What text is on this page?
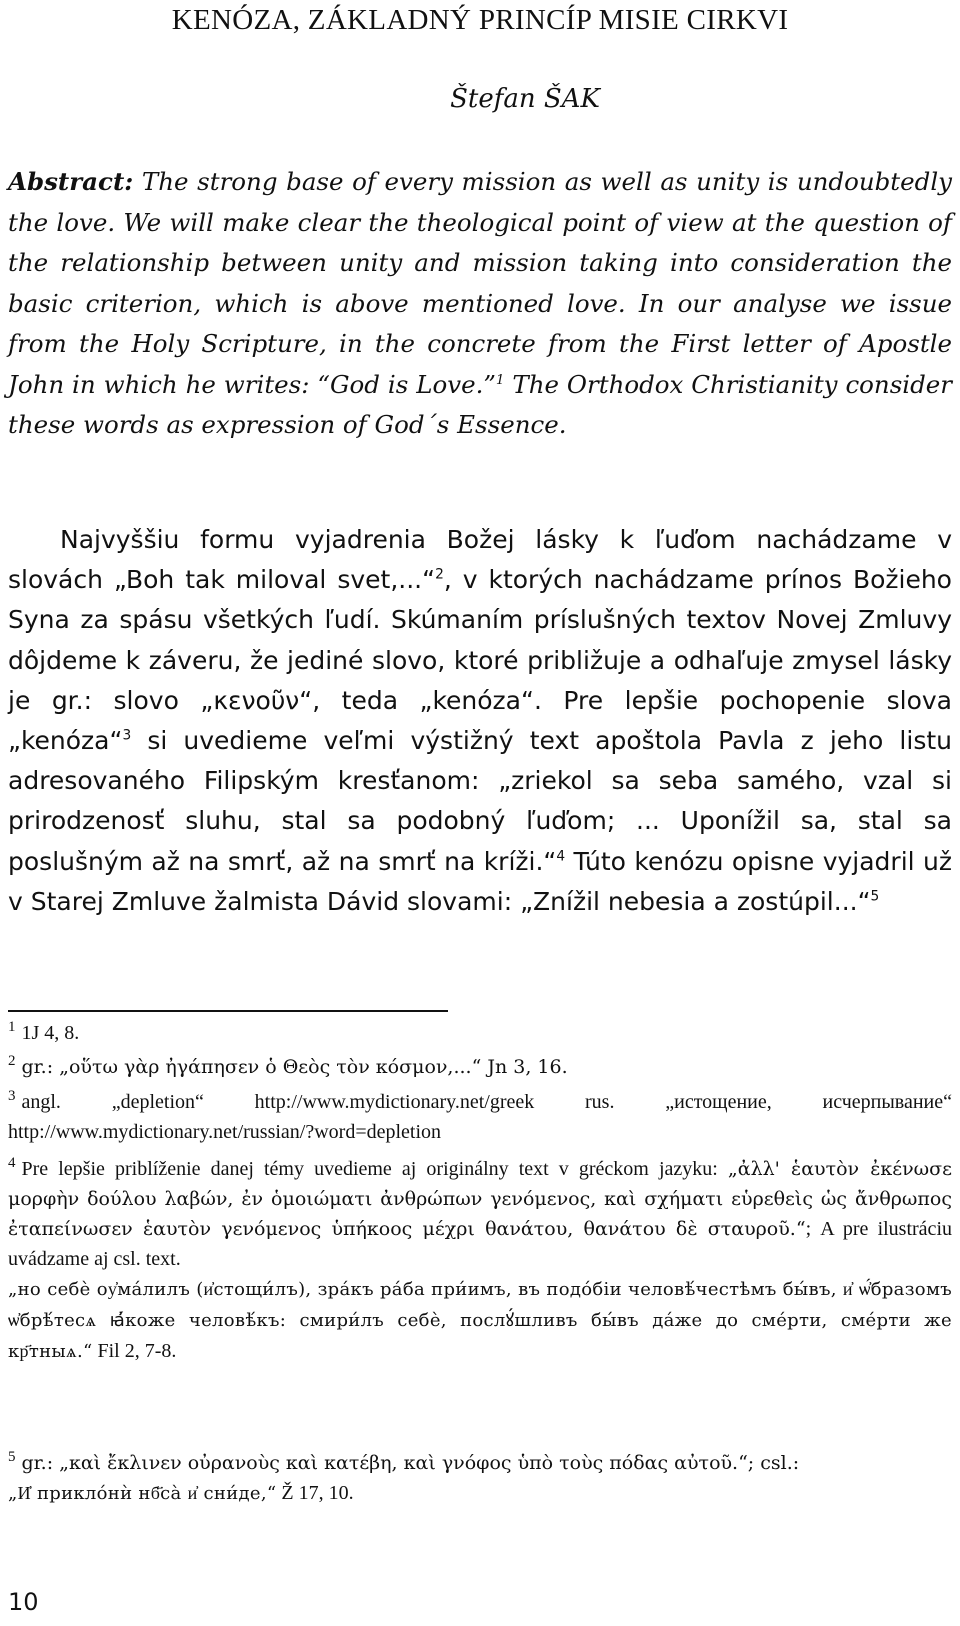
KENÓZA, ZÁKLADNÝ PRINCÍP MISIE CIRKVI
Štefan ŠAK
Abstract: The strong base of every mission as well as unity is undoubtedly the love. We will make clear the theological point of view at the question of the relationship between unity and mission taking into consideration the basic criterion, which is above mentioned love. In our analyse we issue from the Holy Scripture, in the concrete from the First letter of Apostle John in which he writes: “God is Love.”$^1$ The Orthodox Christianity consider these words as expression of God´s Essence.
Najvyššiu formu vyjadrenia Božej lásky k ľuďom nachádzame v slovách „Boh tak miloval svet,...“$^2$, v ktorých nachádzame prínos Božieho Syna za spásu všetkých ľudí. Skúmaním príslušných textov Novej Zmluvy dôjdeme k záveru, že jediné slovo, ktoré približuje a odhaľuje zmysel lásky je gr.: slovo „κενοῦν“, teda „kenóza“. Pre lepšie pochopenie slova „kenóza“$^3$ si uvedieme veľmi výstižný text apoštola Pavla z jeho listu adresovaného Filipským kresťanom: „zriekol sa seba samého, vzal si prirodzenosť sluhu, stal sa podobný ľuďom; ... Uponížil sa, stal sa poslušným až na smrť, až na smrť na kríži.“$^4$ Túto kenózu opisne vyjadril už v Starej Zmluve žalmista Dávid slovami: „Znížil nebesia a zostúpil...“$^5$
$^1$ 1J 4, 8.
$^2$ gr.: „οὕτω γὰρ ἠγάπησεν ὁ Θεὸς τὸν κόσμον,...“ Jn 3, 16.
$^3$ angl. „depletion“ http://www.mydictionary.net/greek rus. „истощение, исчерпывание“ http://www.mydictionary.net/russian/?word=depletion
$^4$ Pre lepšie priblíženie danej témy uvedieme aj originálny text v gréckom jazyku: „ἀλλ' ἑαυτὸν ἐκένωσε μορφὴν δούλου λαβών, ἐν ὁμοιώματι ἀνθρώπων γενόμενος, καὶ σχήματι εὑρεθεὶς ὡς ἄνθρωπος ἐταπείνωσεν ἑαυτὸν γενόμενος ὑπήκοος μέχρι θανάτου, θανάτου δὲ σταυροῦ.“; A pre ilustráciu uvádzame aj csl. text.
„но себѐ оу҆ма́лилъ (и҆стощи́лъ), зра́къ ра́ба при́имъ, въ подо́біи человѣ́честѣмъ бы́въ, и҆ ѡ҆́бразомъ ѡ҆брѣ́тесѧ ꙗ҆́коже человѣ́къ: смири́лъ себѐ, послꙋ́шливъ бы́въ да́же до сме́рти, сме́рти же кр҃тныѧ.“ Fil 2, 7-8.
$^5$ gr.: „καὶ ἔκλινεν οὐρανοὺς καὶ κατέβη, καὶ γνόφος ὑπὸ τοὺς πόδας αὐτοῦ.“; csl.:
„И҆ прикло́нѝ нб҃са̀ и҆ сни́де,“ Ž 17, 10.
10
